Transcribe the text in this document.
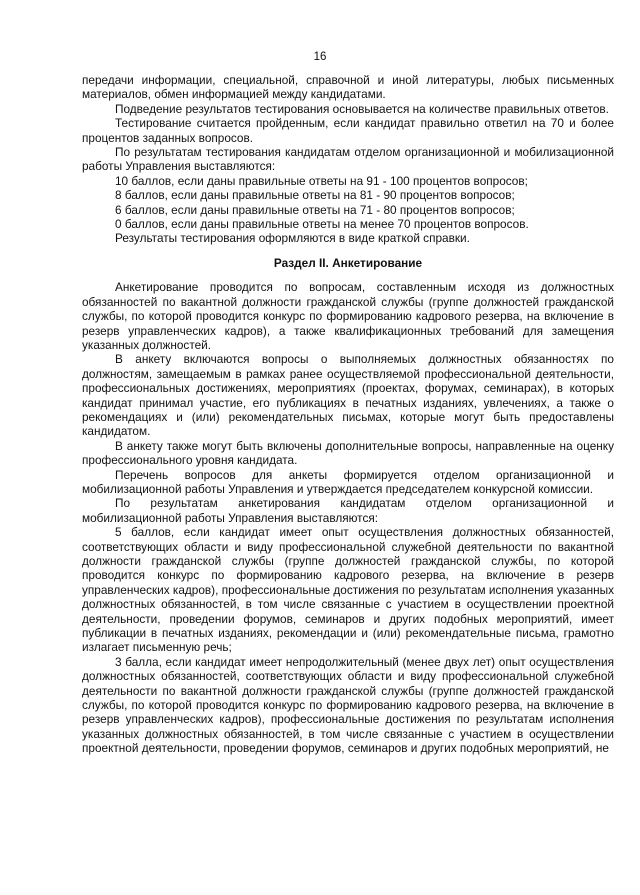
16

передачи информации, специальной, справочной и иной литературы, любых письменных материалов, обмен информацией между кандидатами.

Подведение результатов тестирования основывается на количестве правильных ответов.

Тестирование считается пройденным, если кандидат правильно ответил на 70 и более процентов заданных вопросов.

По результатам тестирования кандидатам отделом организационной и мобилизационной работы Управления выставляются:

10 баллов, если даны правильные ответы на 91 - 100 процентов вопросов;

8 баллов, если даны правильные ответы на 81 - 90 процентов вопросов;

6 баллов, если даны правильные ответы на 71 - 80 процентов вопросов;

0 баллов, если даны правильные ответы на менее 70 процентов вопросов.

Результаты тестирования оформляются в виде краткой справки.

Раздел II. Анкетирование

Анкетирование проводится по вопросам, составленным исходя из должностных обязанностей по вакантной должности гражданской службы (группе должностей гражданской службы, по которой проводится конкурс по формированию кадрового резерва, на включение в резерв управленческих кадров), а также квалификационных требований для замещения указанных должностей.

В анкету включаются вопросы о выполняемых должностных обязанностях по должностям, замещаемым в рамках ранее осуществляемой профессиональной деятельности, профессиональных достижениях, мероприятиях (проектах, форумах, семинарах), в которых кандидат принимал участие, его публикациях в печатных изданиях, увлечениях, а также о рекомендациях и (или) рекомендательных письмах, которые могут быть предоставлены кандидатом.

В анкету также могут быть включены дополнительные вопросы, направленные на оценку профессионального уровня кандидата.

Перечень вопросов для анкеты формируется отделом организационной и мобилизационной работы Управления и утверждается председателем конкурсной комиссии.

По результатам анкетирования кандидатам отделом организационной и мобилизационной работы Управления выставляются:

5 баллов, если кандидат имеет опыт осуществления должностных обязанностей, соответствующих области и виду профессиональной служебной деятельности по вакантной должности гражданской службы (группе должностей гражданской службы, по которой проводится конкурс по формированию кадрового резерва, на включение в резерв управленческих кадров), профессиональные достижения по результатам исполнения указанных должностных обязанностей, в том числе связанные с участием в осуществлении проектной деятельности, проведении форумов, семинаров и других подобных мероприятий, имеет публикации в печатных изданиях, рекомендации и (или) рекомендательные письма, грамотно излагает письменную речь;

3 балла, если кандидат имеет непродолжительный (менее двух лет) опыт осуществления должностных обязанностей, соответствующих области и виду профессиональной служебной деятельности по вакантной должности гражданской службы (группе должностей гражданской службы, по которой проводится конкурс по формированию кадрового резерва, на включение в резерв управленческих кадров), профессиональные достижения по результатам исполнения указанных должностных обязанностей, в том числе связанные с участием в осуществлении проектной деятельности, проведении форумов, семинаров и других подобных мероприятий, не
